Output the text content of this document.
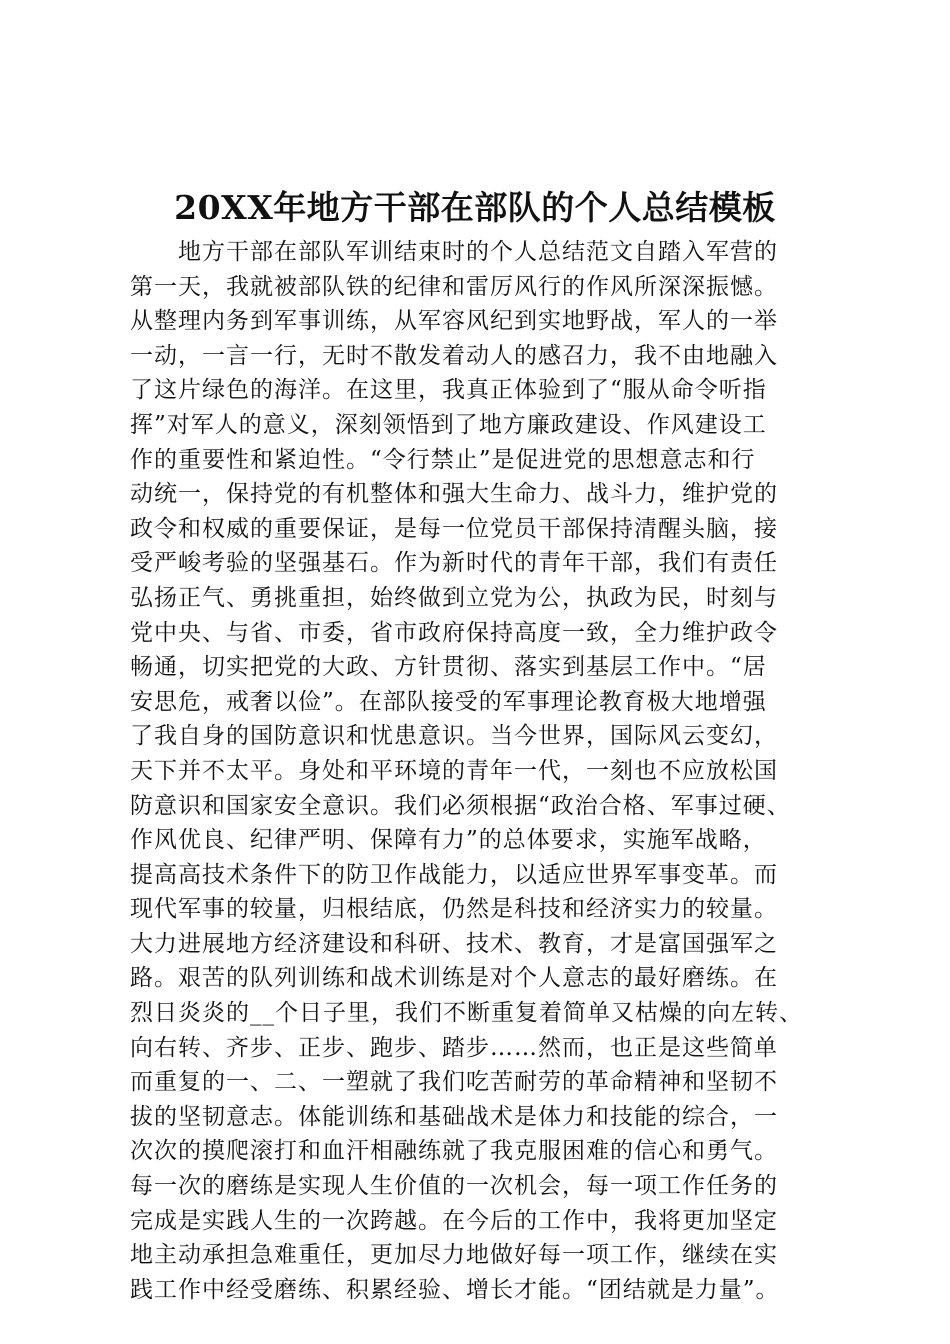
20XX年地方干部在部队的个人总结模板
　　地方干部在部队军训结束时的个人总结范文自踏入军营的
第一天，我就被部队铁的纪律和雷厉风行的作风所深深振憾。
从整理内务到军事训练，从军容风纪到实地野战，军人的一举
一动，一言一行，无时不散发着动人的感召力，我不由地融入
了这片绿色的海洋。在这里，我真正体验到了“服从命令听指
挥”对军人的意义，深刻领悟到了地方廉政建设、作风建设工
作的重要性和紧迫性。“令行禁止”是促进党的思想意志和行
动统一，保持党的有机整体和强大生命力、战斗力，维护党的
政令和权威的重要保证，是每一位党员干部保持清醒头脑，接
受严峻考验的坚强基石。作为新时代的青年干部，我们有责任
弘扬正气、勇挑重担，始终做到立党为公，执政为民，时刻与
党中央、与省、市委，省市政府保持高度一致，全力维护政令
畅通，切实把党的大政、方针贯彻、落实到基层工作中。“居
安思危，戒奢以俭”。在部队接受的军事理论教育极大地增强
了我自身的国防意识和忧患意识。当今世界，国际风云变幻，
天下并不太平。身处和平环境的青年一代，一刻也不应放松国
防意识和国家安全意识。我们必须根据“政治合格、军事过硬、
作风优良、纪律严明、保障有力”的总体要求，实施军战略，
提高高技术条件下的防卫作战能力，以适应世界军事变革。而
现代军事的较量，归根结底，仍然是科技和经济实力的较量。
大力进展地方经济建设和科研、技术、教育，才是富国强军之
路。艰苦的队列训练和战术训练是对个人意志的最好磨练。在
烈日炎炎的__个日子里，我们不断重复着简单又枯燥的向左转、
向右转、齐步、正步、跑步、踏步……然而，也正是这些简单
而重复的一、二、一塑就了我们吃苦耐劳的革命精神和坚韧不
拔的坚韧意志。体能训练和基础战术是体力和技能的综合，一
次次的摸爬滚打和血汗相融练就了我克服困难的信心和勇气。
每一次的磨练是实现人生价值的一次机会，每一项工作任务的
完成是实践人生的一次跨越。在今后的工作中，我将更加坚定
地主动承担急难重任，更加尽力地做好每一项工作，继续在实
践工作中经受磨练、积累经验、增长才能。“团结就是力量”。
